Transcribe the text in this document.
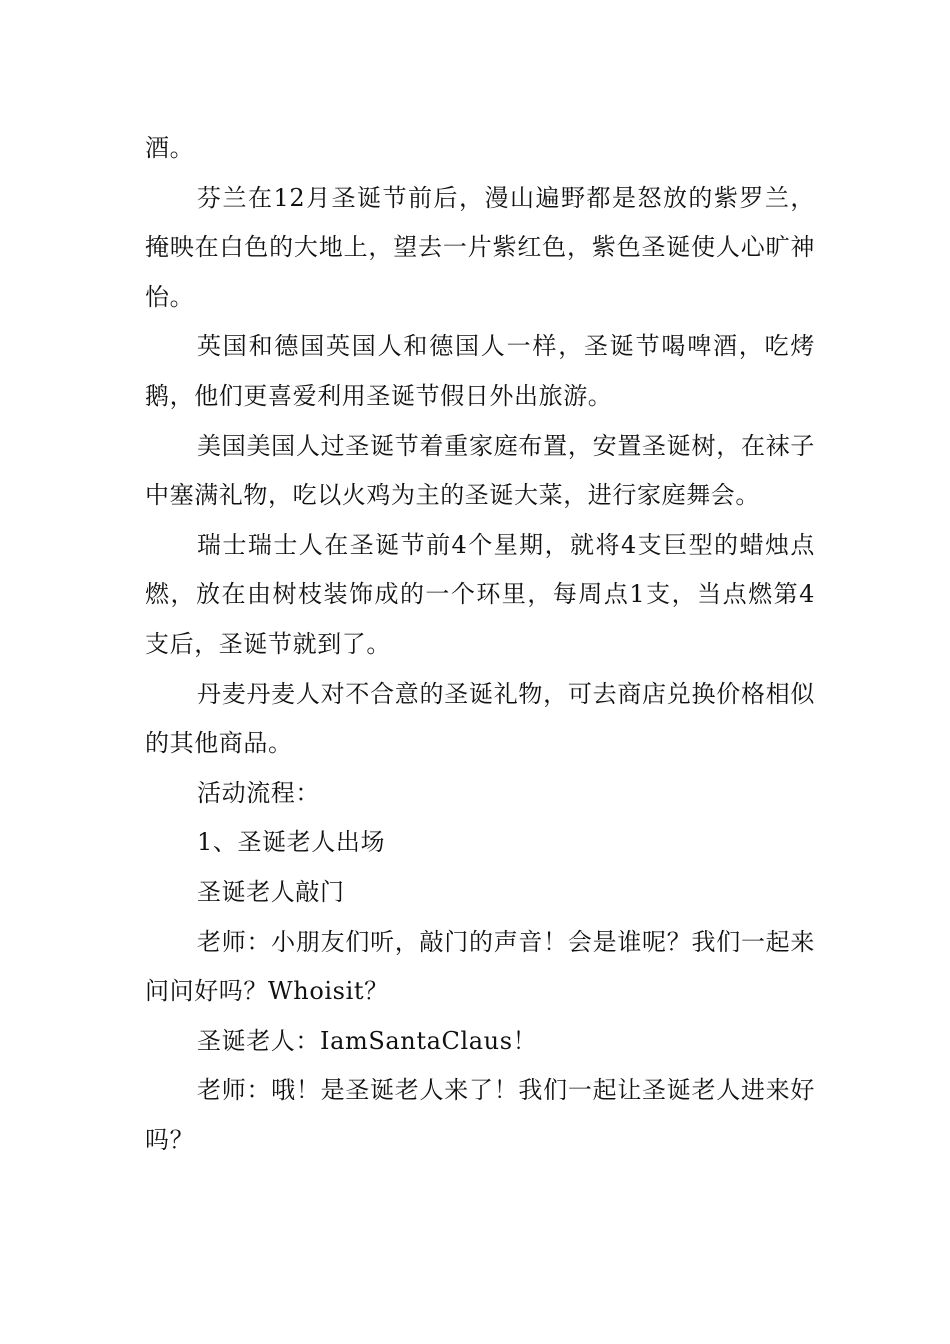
酒。

芬兰在12月圣诞节前后，漫山遍野都是怒放的紫罗兰，掩映在白色的大地上，望去一片紫红色，紫色圣诞使人心旷神怡。

英国和德国英国人和德国人一样，圣诞节喝啤酒，吃烤鹅，他们更喜爱利用圣诞节假日外出旅游。

美国美国人过圣诞节着重家庭布置，安置圣诞树，在袜子中塞满礼物，吃以火鸡为主的圣诞大菜，进行家庭舞会。

瑞士瑞士人在圣诞节前4个星期，就将4支巨型的蜡烛点燃，放在由树枝装饰成的一个环里，每周点1支，当点燃第4支后，圣诞节就到了。

丹麦丹麦人对不合意的圣诞礼物，可去商店兑换价格相似的其他商品。

活动流程：

1、圣诞老人出场

圣诞老人敲门

老师：小朋友们听，敲门的声音！会是谁呢？我们一起来问问好吗？Whoisit？

圣诞老人：IamSantaClaus！

老师：哦！是圣诞老人来了！我们一起让圣诞老人进来好吗？
